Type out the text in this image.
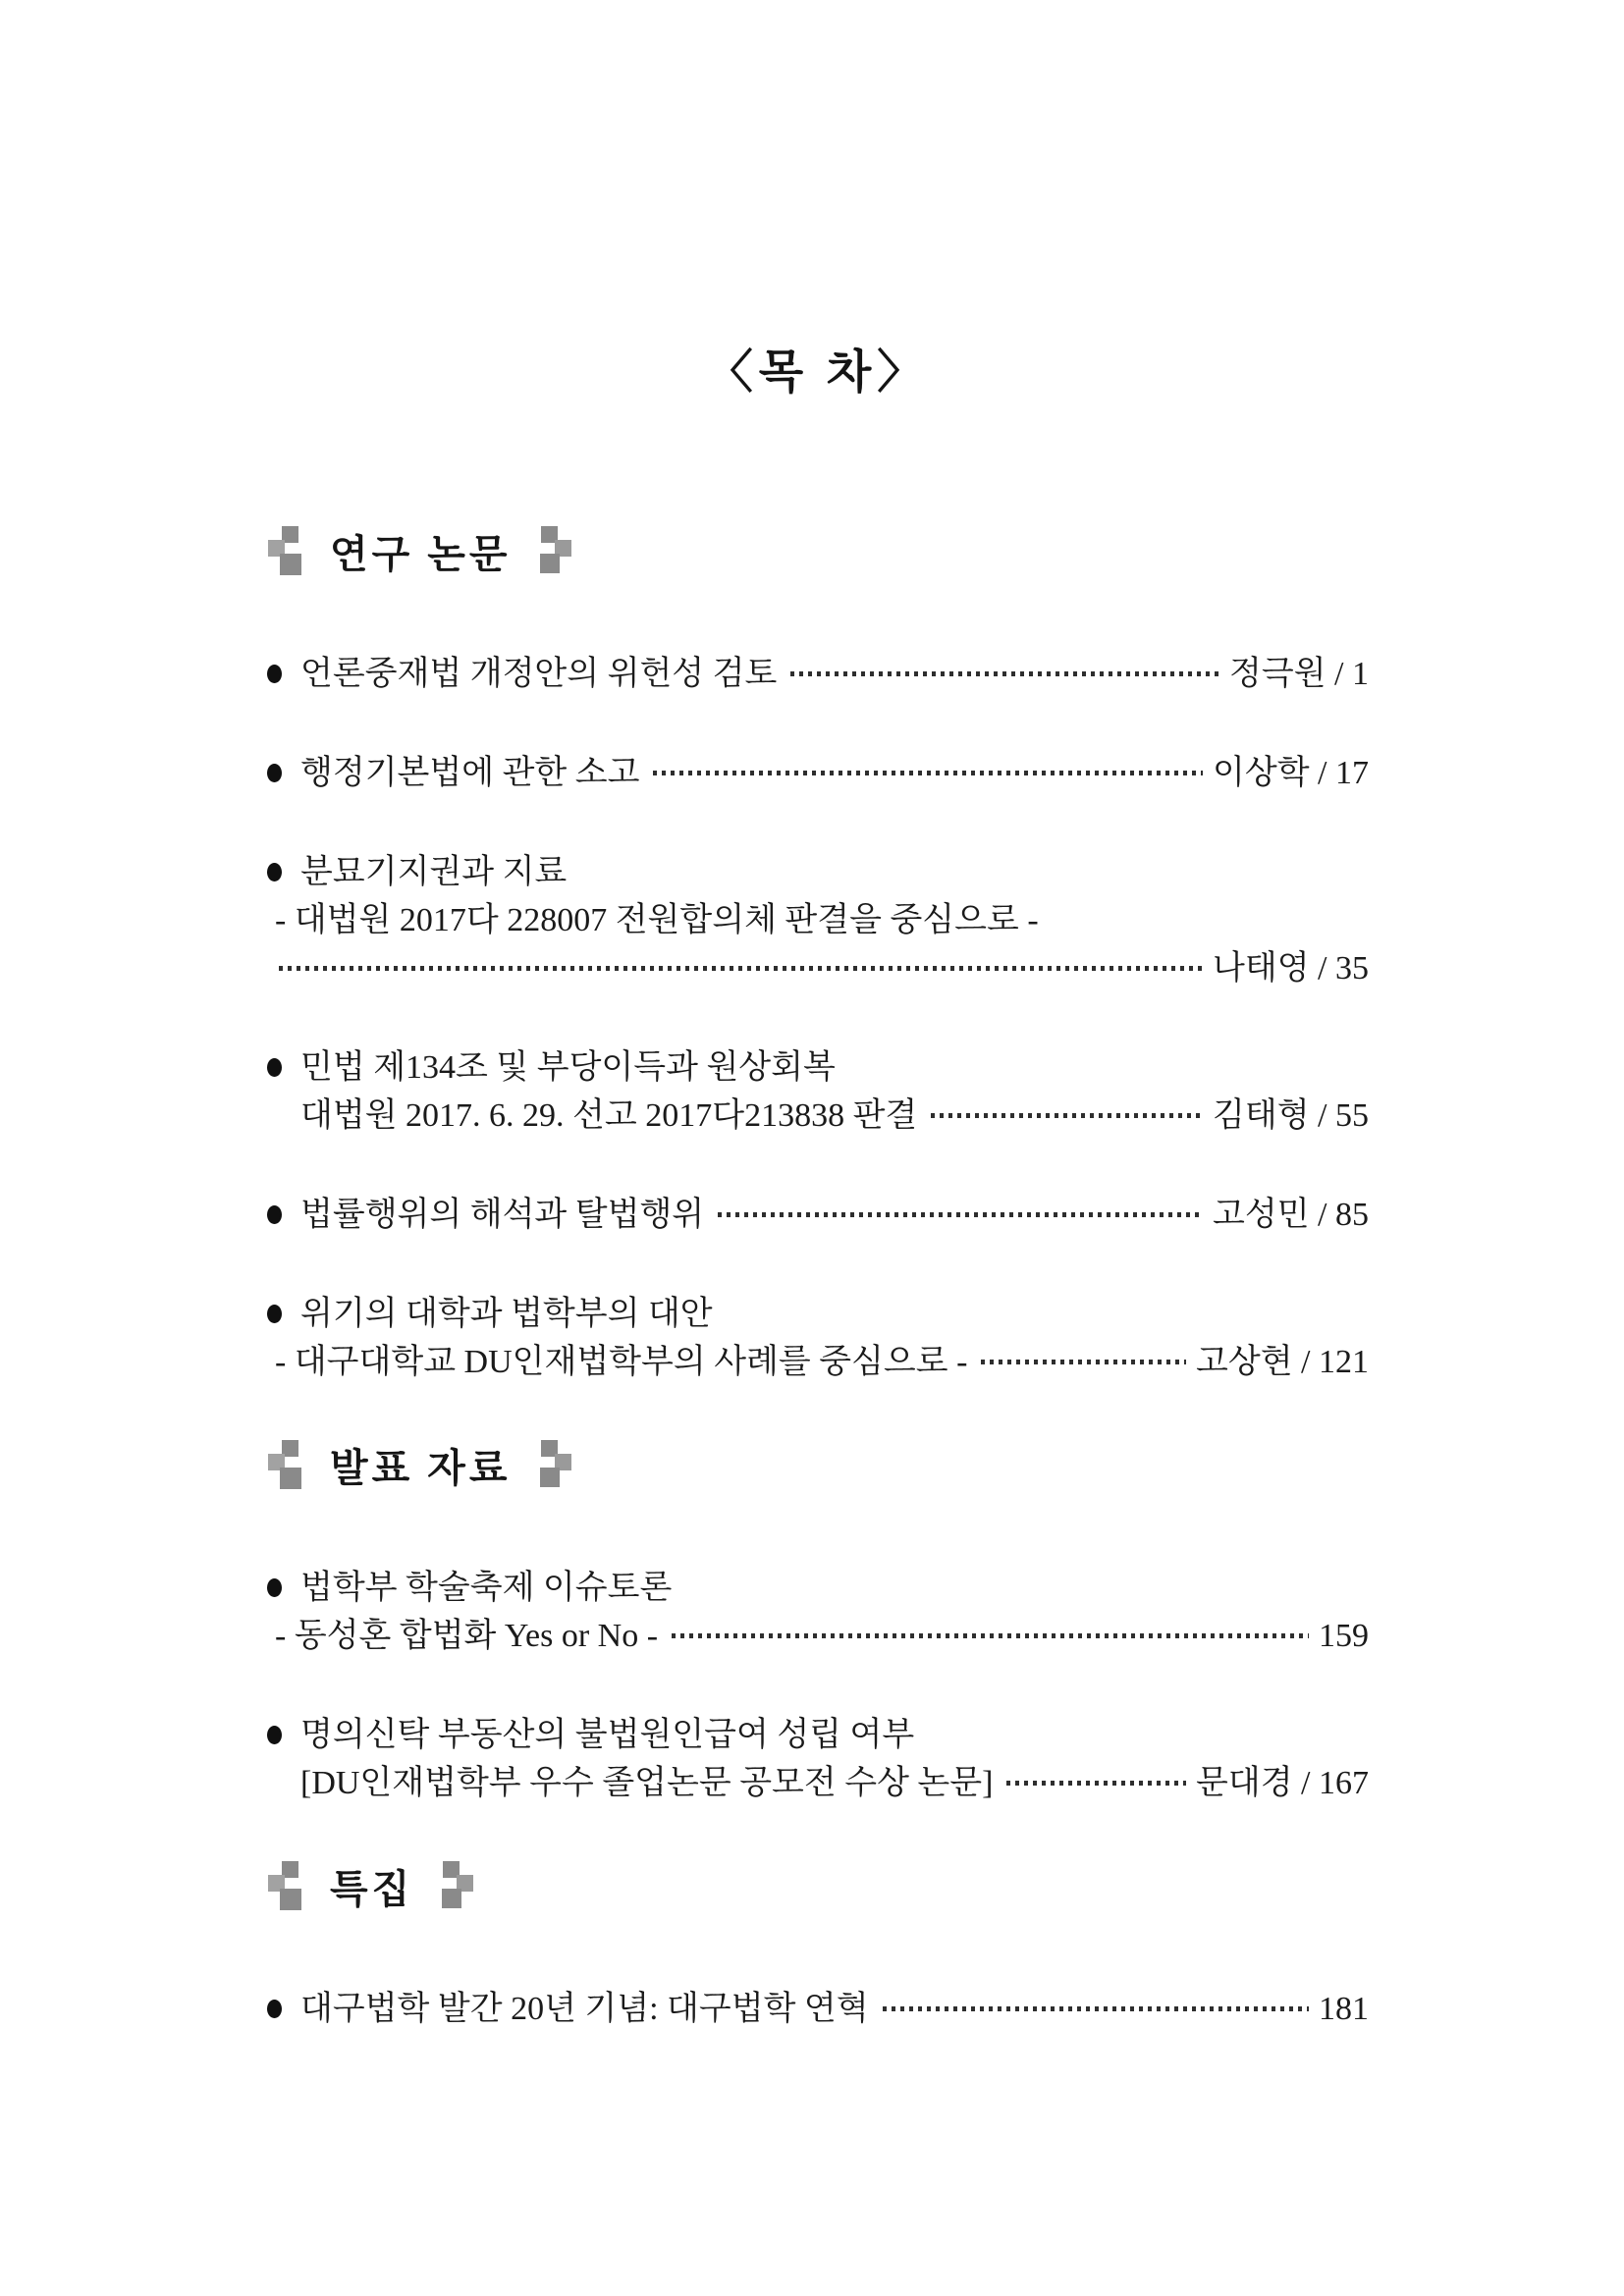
〈목 차〉
연구 논문
언론중재법 개정안의 위헌성 검토	정극원 / 1
행정기본법에 관한 소고	이상학 / 17
분묘기지권과 지료
- 대법원 2017다 228007 전원합의체 판결을 중심으로 -
나태영 / 35
민법 제134조 및 부당이득과 원상회복
대법원 2017. 6. 29. 선고 2017다213838 판결	김태형 / 55
법률행위의 해석과 탈법행위	고성민 / 85
위기의 대학과 법학부의 대안
- 대구대학교 DU인재법학부의 사례를 중심으로 -	고상현 / 121
발표 자료
법학부 학술축제 이슈토론
- 동성혼 합법화 Yes or No -	159
명의신탁 부동산의 불법원인급여 성립 여부
[DU인재법학부 우수 졸업논문 공모전 수상 논문]	문대경 / 167
특집
대구법학 발간 20년 기념: 대구법학 연혁	181
